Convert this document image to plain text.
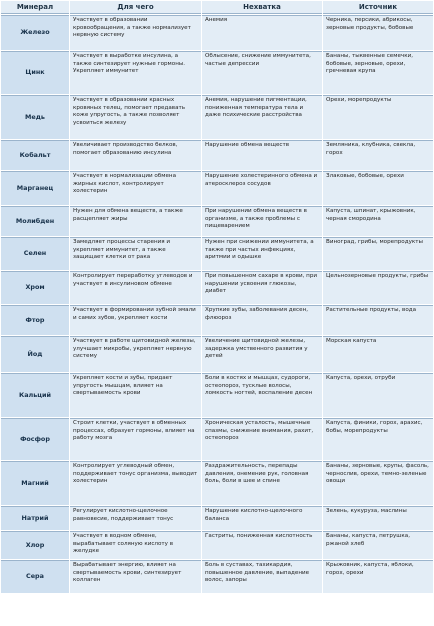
Минерал	Для чего	Нехватка	Источник
Железо	Участвует в образовании кровообращения, а также нормализует нервную систему	Анемия	Черника, персики, абрикосы, зерновые продукты, бобовые
Цинк	Участвует в выработке инсулина, а также синтезирует нужные гормоны. Укрепляет иммунитет	Облысение, снижение иммунитета, частые депрессии	Бананы, тыквенные семечки, бобовые, зерновые, орехи, гречневая крупа
Медь	Участвует в образовании красных кровяных телец, помогает предавать коже упругость, а также позволяет усвоиться железу	Анемия, нарушение пигментации, пониженная температура тела и даже психические расстройства	Орехи, морепродукты
Кобальт	Увеличивает производство белков, помогает образованию инсулина	Нарушение обмена веществ	Земляника, клубника, свекла, горох
Марганец	Участвует в нормализации обмена жирных кислот, контролирует холестерин	Нарушение холестеринного обмена и атеросклероз сосудов	Злаковые, бобовые, орехи
Молибден	Нужен для обмена веществ, а также расщепляет жиры	При нарушении обмена веществ в организме, а также проблемы с пищеварением	Капуста, шпинат, крыжовник, черная смородина
Селен	Замедляет процессы старения и укрепляет иммунитет, а также защищает клетки от рака	Нужен при снижении иммунитета, а также при частых инфекциях, аритмии и одышке	Виноград, грибы, морепродукты
Хром	Контролирует переработку углеводов и участвует в инсулиновом обмене	При повышенном сахаре в крови, при нарушении усвоения глюкозы, диабет	Цельнозерновые продукты, грибы
Фтор	Участвует в формировании зубной эмали и самих зубов, укрепляет кости	Хрупкие зубы, заболевания десен, флюороз	Растительные продукты, вода
Йод	Участвует в работе щитовидной железы, улучшает микробы, укрепляет нервную систему	Увеличение щитовидной железы, задержка умственного развития у детей	Морская капуста
Кальций	Укрепляет кости и зубы, придает упругость мышцам, влияет на свертываемость крови	Боли в костях и мышцах, судороги, остеопороз, тусклые волосы, ломкость ногтей, воспаление десен	Капуста, орехи, отруби
Фосфор	Строит клетки, участвует в обменных процессах, образует гормоны, влияет на работу мозга	Хроническая усталость, мышечные спазмы, снижение внимания, рахит, остеопороз	Капуста, финики, горох, арахис, бобы, морепродукты
Магний	Контролирует углеводный обмен, поддерживает тонус организма, выводит холестерин	Раздражительность, перепады давления, онемение рук, головная боль, боли в шее и спине	Бананы, зерновые, крупы, фасоль, чернослив, орехи, темно-зеленые овощи
Натрий	Регулирует кислотно-щелочное равновесие, поддерживает тонус	Нарушение кислотно-щелочного баланса	Зелень, кукуруза, маслины
Хлор	Участвует в водном обмене, вырабатывает соляную кислоту в желудке	Гастриты, пониженная кислотность	Бананы, капуста, петрушка, ржаной хлеб
Сера	Вырабатывает энергию, влияет на свертываемость крови, синтезирует коллаген	Боль в суставах, тахикардия, повышенное давление, выпадение волос, запоры	Крыжовник, капуста, яблоки, горох, орехи
